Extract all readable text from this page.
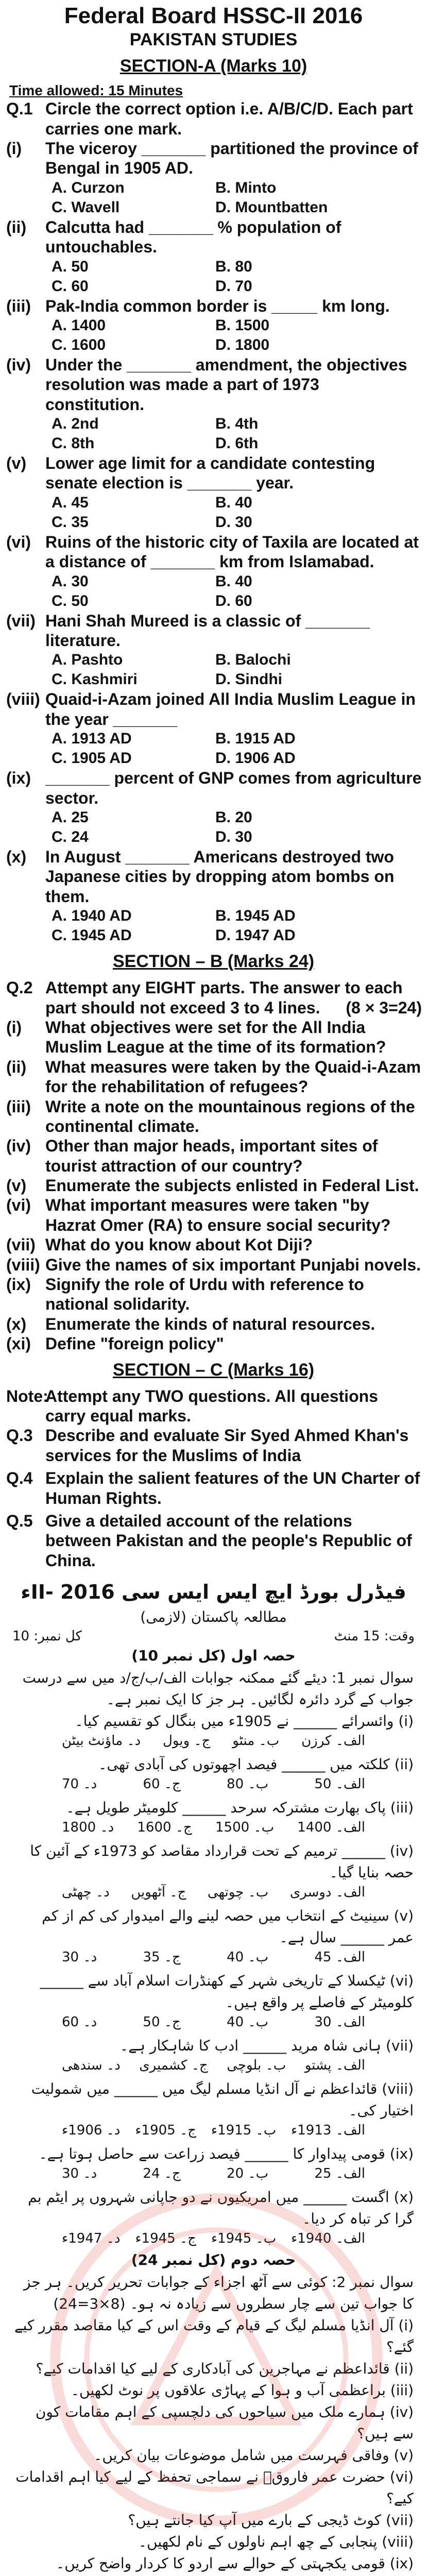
Federal Board HSSC-II 2016
PAKISTAN STUDIES
SECTION-A (Marks 10)
Time allowed: 15 Minutes
Q.1 Circle the correct option i.e. A/B/C/D. Each part carries one mark.
(i)	The viceroy _______ partitioned the province of Bengal in 1905 AD.
A. Curzon	B. Minto
C. Wavell	D. Mountbatten
(ii)	Calcutta had _______ % population of untouchables.
A. 50	B. 80
C. 60	D. 70
(iii) Pak-India common border is _____ km long.
A. 1400	B. 1500
C. 1600	D. 1800
(iv) Under the _______ amendment, the objectives resolution was made a part of 1973 constitution.
A. 2nd	B. 4th
C. 8th	D. 6th
(v)	Lower age limit for a candidate contesting senate election is _______ year.
A. 45	B. 40
C. 35	D. 30
(vi) Ruins of the historic city of Taxila are located at a distance of _______ km from Islamabad.
A. 30	B. 40
C. 50	D. 60
(vii) Hani Shah Mureed is a classic of _______ literature.
A. Pashto	B. Balochi
C. Kashmiri	D. Sindhi
(viii) Quaid-i-Azam joined All India Muslim League in the year _______
A. 1913 AD	B. 1915 AD
C. 1905 AD	D. 1906 AD
(ix) _______ percent of GNP comes from agriculture sector.
A. 25	B. 20
C. 24	D. 30
(x)	In August _______ Americans destroyed two Japanese cities by dropping atom bombs on them.
A. 1940 AD	B. 1945 AD
C. 1945 AD	D. 1947 AD
SECTION – B (Marks 24)
Q.2 Attempt any EIGHT parts. The answer to each part should not exceed 3 to 4 lines. (8 × 3=24)
(i)	What objectives were set for the All India Muslim League at the time of its formation?
(ii)	What measures were taken by the Quaid-i-Azam for the rehabilitation of refugees?
(iii) Write a note on the mountainous regions of the continental climate.
(iv) Other than major heads, important sites of tourist attraction of our country?
(v)	Enumerate the subjects enlisted in Federal List.
(vi) What important measures were taken "by Hazrat Omer (RA) to ensure social security?
(vii) What do you know about Kot Diji?
(viii) Give the names of six important Punjabi novels.
(ix) Signify the role of Urdu with reference to national solidarity.
(x)	Enumerate the kinds of natural resources.
(xi) Define "foreign policy"
SECTION – C (Marks 16)
Note:
Attempt any TWO questions. All questions carry equal marks.
Q.3 Describe and evaluate Sir Syed Ahmed Khan's services for the Muslims of India
Q.4 Explain the salient features of the UN Charter of Human Rights.
Q.5 Give a detailed account of the relations between Pakistan and the people's Republic of China.
فیڈرل بورڈ ایچ ایس ایس سی II- 2016ء
مطالعہ پاکستان (لازمی)
وقت: 15 منٹ
کل نمبر: 10
حصہ اول (کل نمبر 10)
سوال نمبر 1: دیئے گئے ممکنہ جوابات الف/ب/ج/د میں سے درست جواب کے گرد دائرہ لگائیں۔ ہر جز کا ایک نمبر ہے۔
(i) وائسرائے ______ نے 1905ء میں بنگال کو تقسیم کیا۔
الف۔ کرزن
ب۔ منٹو
ج۔ ویول
د۔ ماؤنٹ بیٹن
(ii) کلکتہ میں ______ فیصد اچھوتوں کی آبادی تھی۔
الف۔ 50
ب۔ 80
ج۔ 60
د۔ 70
(iii) پاک بھارت مشترکہ سرحد ______ کلومیٹر طویل ہے۔
الف۔ 1400
ب۔ 1500
ج۔ 1600
د۔ 1800
(iv) ______ ترمیم کے تحت قرارداد مقاصد کو 1973ء کے آئین کا حصہ بنایا گیا۔
الف۔ دوسری
ب۔ چوتھی
ج۔ آٹھویں
د۔ چھٹی
(v) سینیٹ کے انتخاب میں حصہ لینے والے امیدوار کی کم از کم عمر ______ سال ہے۔
الف۔ 45
ب۔ 40
ج۔ 35
د۔ 30
(vi) ٹیکسلا کے تاریخی شہر کے کھنڈرات اسلام آباد سے ______ کلومیٹر کے فاصلے پر واقع ہیں۔
الف۔ 30
ب۔ 40
ج۔ 50
د۔ 60
(vii) ہانی شاہ مرید ______ ادب کا شاہکار ہے۔
الف۔ پشتو
ب۔ بلوچی
ج۔ کشمیری
د۔ سندھی
(viii) قائداعظم نے آل انڈیا مسلم لیگ میں ______ میں شمولیت اختیار کی۔
الف۔ 1913ء
ب۔ 1915ء
ج۔ 1905ء
د۔ 1906ء
(ix) قومی پیداوار کا ______ فیصد زراعت سے حاصل ہوتا ہے۔
الف۔ 25
ب۔ 20
ج۔ 24
د۔ 30
(x) اگست ______ میں امریکیوں نے دو جاپانی شہروں پر ایٹم بم گرا کر تباہ کر دیا۔
الف۔ 1940ء
ب۔ 1945ء
ج۔ 1945ء
د۔ 1947ء
حصہ دوم (کل نمبر 24)
سوال نمبر 2: کوئی سے آٹھ اجزاء کے جوابات تحریر کریں۔ ہر جز کا جواب تین سے چار سطروں سے زیادہ نہ ہو۔ (8×3=24)
(i) آل انڈیا مسلم لیگ کے قیام کے وقت اس کے کیا مقاصد مقرر کیے گئے؟
(ii) قائداعظم نے مہاجرین کی آبادکاری کے لیے کیا اقدامات کیے؟
(iii) براعظمی آب و ہوا کے پہاڑی علاقوں پر نوٹ لکھیں۔
(iv) ہمارے ملک میں سیاحوں کی دلچسپی کے اہم مقامات کون سے ہیں؟
(v) وفاقی فہرست میں شامل موضوعات بیان کریں۔
(vi) حضرت عمر فاروقؓ نے سماجی تحفظ کے لیے کیا اہم اقدامات کیے؟
(vii) کوٹ ڈیجی کے بارے میں آپ کیا جانتے ہیں؟
(viii) پنجابی کے چھ اہم ناولوں کے نام لکھیں۔
(ix) قومی یکجہتی کے حوالے سے اردو کا کردار واضح کریں۔
